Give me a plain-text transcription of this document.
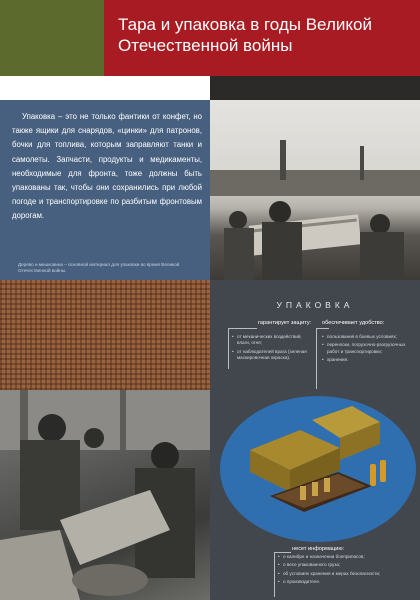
Тара и упаковка в годы Великой Отечественной войны
Упаковка – это не только фантики от конфет, но также ящики для снарядов, «цинки» для патронов, бочки для топлива, которым заправляют танки и самолеты. Запчасти, продукты и медикаменты, необходимые для фронта, тоже должны быть упакованы так, чтобы они сохранились при любой погоде и транспортировке по разбитым фронтовым дорогам.
Дерево и мешковина – основной материал для упаковки во время Великой Отечественной войны.
УПАКОВКА
гарантирует защиту:
• от механических воздействий, влаги, огня;
• от наблюдателей врага (зеленая маскировочная окраска).
обеспечивает удобство:
• пользования в боевых условиях;
• переноски, погрузочно-разгрузочных работ и транспортировки;
• хранения.
несет информацию:
• о калибре и назначении боеприпасов;
• о весе упакованного груза;
• об условиях хранения и мерах безопасности;
• о производителе.
